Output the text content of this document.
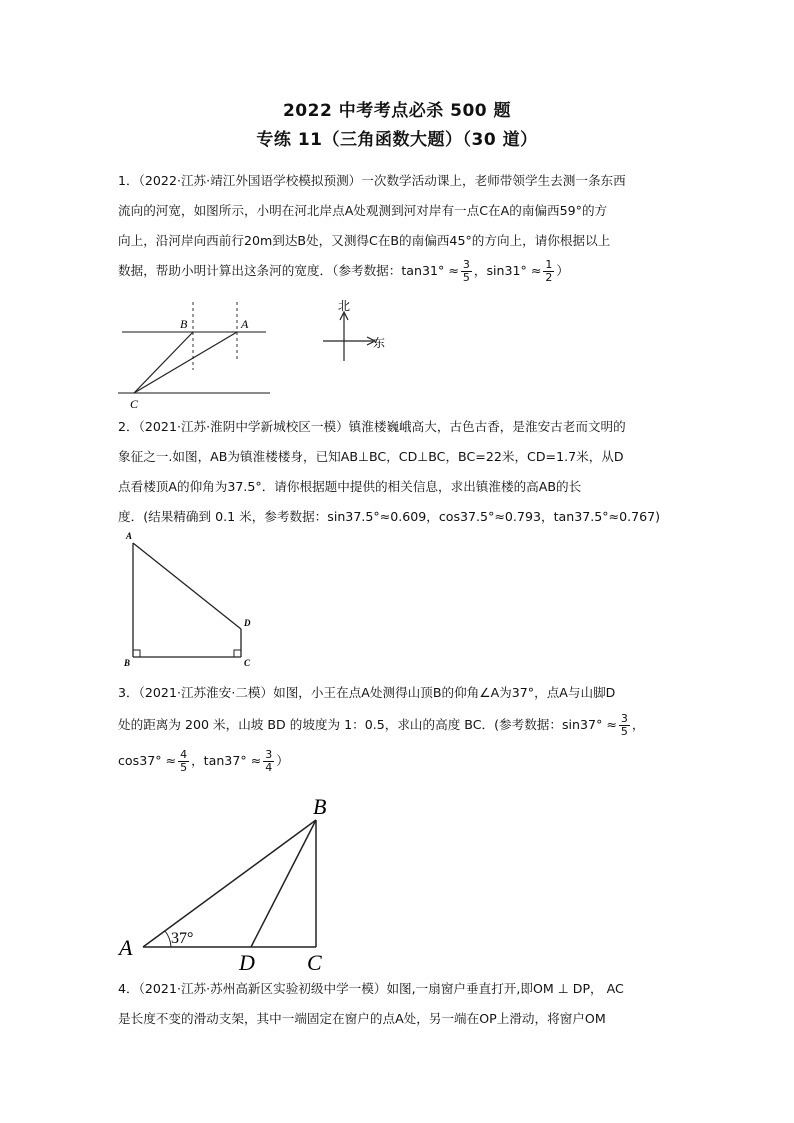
2022 中考考点必杀 500 题
专练 11（三角函数大题）（30 道）
1．（2022·江苏·靖江外国语学校模拟预测）一次数学活动课上，老师带领学生去测一条东西
流向的河宽，如图所示，小明在河北岸点A处观测到河对岸有一点C在A的南偏西59°的方
向上，沿河岸向西前行20m到达B处，又测得C在B的南偏西45°的方向上，请你根据以上
数据，帮助小明计算出这条河的宽度．（参考数据：$\tan 31^\circ \approx \frac{3}{5}$ ，$\sin 31^\circ \approx \frac{1}{2}$ ）
B	A
C
北
东
2．（2021·江苏·淮阴中学新城校区一模）镇淮楼巍峨高大，古色古香，是淮安古老而文明的
象征之一.如图，AB为镇淮楼楼身，已知AB⊥BC，CD⊥BC，BC=22米，CD=1.7米，从D
点看楼顶A的仰角为37.5°．请你根据题中提供的相关信息，求出镇淮楼的高AB的长
度．(结果精确到 0.1 米，参考数据：sin37.5°≈0.609，cos37.5°≈0.793，tan37.5°≈0.767)
A
B	C
D
3．（2021·江苏淮安·二模）如图，小王在点A处测得山顶B的仰角∠A为37°，点A与山脚D
处的距离为 200 米，山坡 BD 的坡度为 1：0.5，求山的高度 BC．(参考数据：$\sin 37^\circ \approx \frac{3}{5}$ ，
$\cos 37^\circ \approx \frac{4}{5}$ ，$\tan 37^\circ \approx \frac{3}{4}$ ）
B
A
D C
37°
4．（2021·江苏·苏州高新区实验初级中学一模）如图,一扇窗户垂直打开,即OM ⊥ DP， AC
是长度不变的滑动支架，其中一端固定在窗户的点A处，另一端在OP上滑动，将窗户OM
